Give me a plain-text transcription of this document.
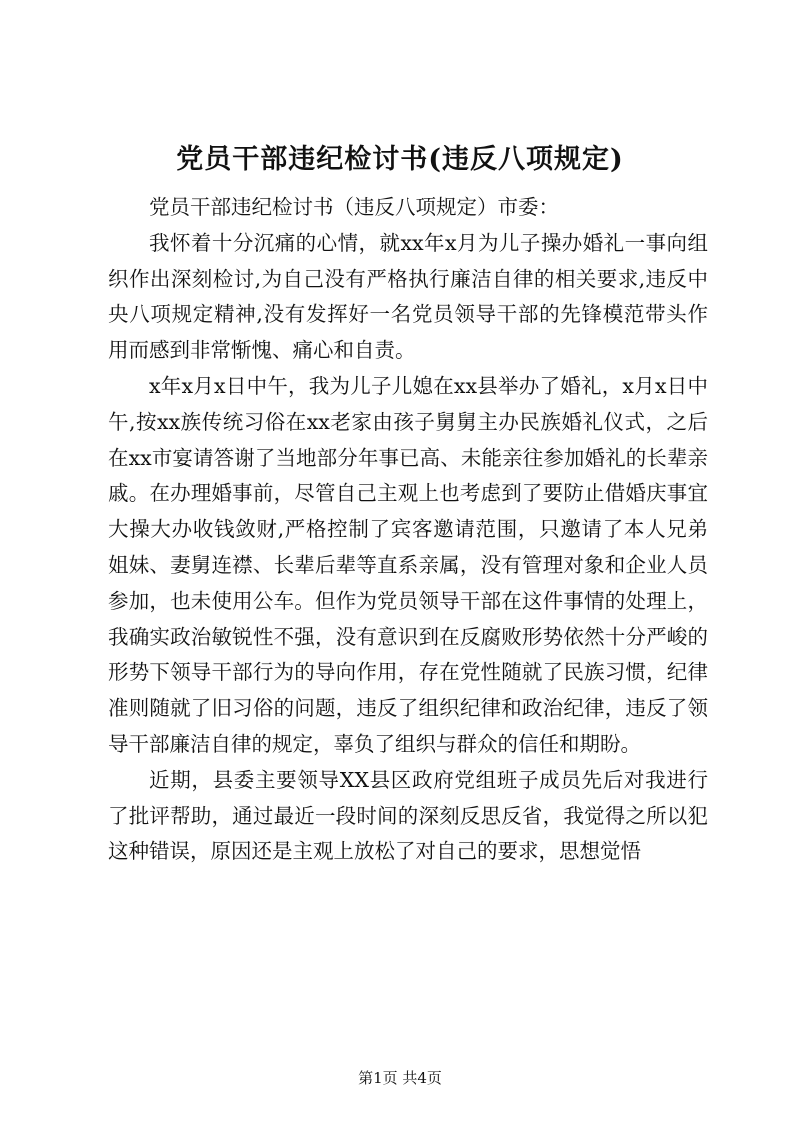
党员干部违纪检讨书(违反八项规定)

党员干部违纪检讨书（违反八项规定）市委：

我怀着十分沉痛的心情，就xx年x月为儿子操办婚礼一事向组织作出深刻检讨,为自己没有严格执行廉洁自律的相关要求,违反中央八项规定精神,没有发挥好一名党员领导干部的先锋模范带头作用而感到非常惭愧、痛心和自责。

x年x月x日中午，我为儿子儿媳在xx县举办了婚礼，x月x日中午,按xx族传统习俗在xx老家由孩子舅舅主办民族婚礼仪式，之后在xx市宴请答谢了当地部分年事已高、未能亲往参加婚礼的长辈亲戚。在办理婚事前，尽管自己主观上也考虑到了要防止借婚庆事宜大操大办收钱敛财,严格控制了宾客邀请范围，只邀请了本人兄弟姐妹、妻舅连襟、长辈后辈等直系亲属，没有管理对象和企业人员参加，也未使用公车。但作为党员领导干部在这件事情的处理上，我确实政治敏锐性不强，没有意识到在反腐败形势依然十分严峻的形势下领导干部行为的导向作用，存在党性随就了民族习惯，纪律准则随就了旧习俗的问题，违反了组织纪律和政治纪律，违反了领导干部廉洁自律的规定，辜负了组织与群众的信任和期盼。

近期，县委主要领导XX县区政府党组班子成员先后对我进行了批评帮助，通过最近一段时间的深刻反思反省，我觉得之所以犯这种错误，原因还是主观上放松了对自己的要求，思想觉悟

第1页 共4页
